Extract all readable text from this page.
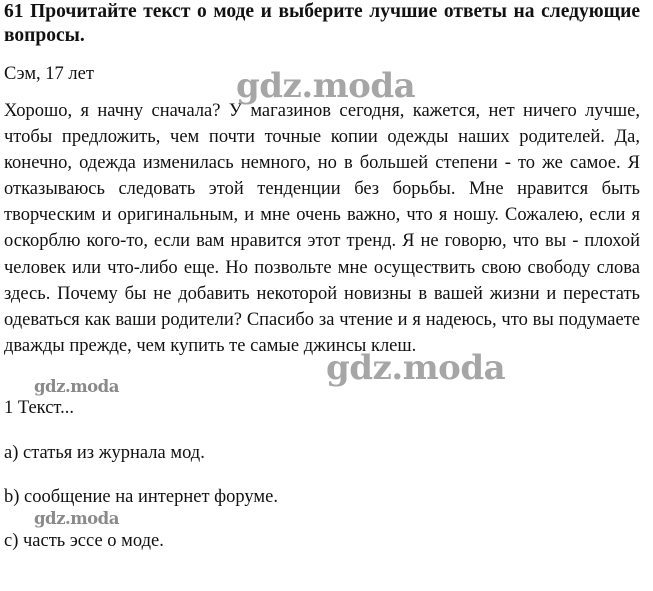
61 Прочитайте текст о моде и выберите лучшие ответы на следующие вопросы.
Сэм, 17 лет
Хорошо, я начну сначала? У магазинов сегодня, кажется, нет ничего лучше, чтобы предложить, чем почти точные копии одежды наших родителей. Да, конечно, одежда изменилась немного, но в большей степени - то же самое. Я отказываюсь следовать этой тенденции без борьбы. Мне нравится быть творческим и оригинальным, и мне очень важно, что я ношу. Сожалею, если я оскорблю кого-то, если вам нравится этот тренд. Я не говорю, что вы - плохой человек или что-либо еще. Но позвольте мне осуществить свою свободу слова здесь. Почему бы не добавить некоторой новизны в вашей жизни и перестать одеваться как ваши родители? Спасибо за чтение и я надеюсь, что вы подумаете дважды прежде, чем купить те самые джинсы клеш.
1 Текст...
а) статья из журнала мод.
b) сообщение на интернет форуме.
c) часть эссе о моде.
gdz.moda
gdz.moda
gdz.moda
gdz.moda
